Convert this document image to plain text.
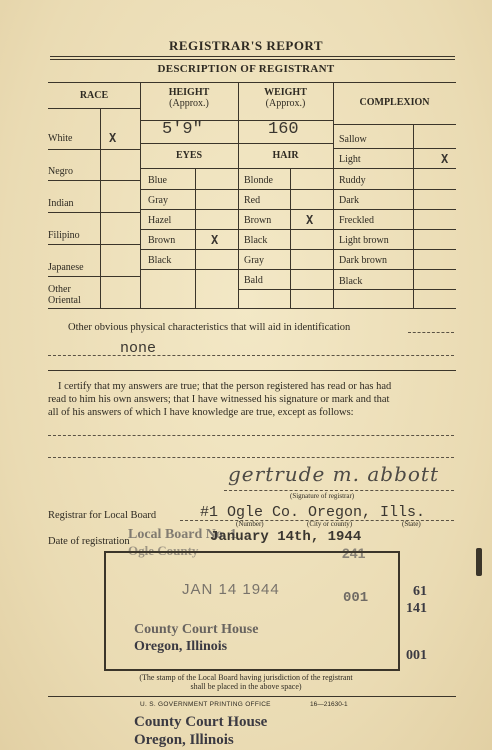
REGISTRAR'S REPORT
DESCRIPTION OF REGISTRANT
RACE	HEIGHT
(Approx.)
WEIGHT
(Approx.)	COMPLEXION
EYES	HAIR
5'9"	160
White	X
Negro
Indian
Filipino
Japanese
Other
Oriental
Blue
Gray
Hazel
Brown	X
Black
Blonde
Red
Brown	X
Black
Gray
Bald
Sallow
Light	X
Ruddy
Dark
Freckled
Light brown
Dark brown
Black
Other obvious physical characteristics that will aid in identification
none
I certify that my answers are true; that the person registered has read or has had
read to him his own answers; that I have witnessed his signature or mark and that
all of his answers of which I have knowledge are true, except as follows:
gertrude m. abbott
(Signature of registrar)
Registrar for Local Board	#1 Ogle Co. Oregon, Ills.
(Number)	(City or county)	(State)
Date of registration	January 14th, 1944
Local Board No. 1
Ogle County	241
JAN 14 1944	001
County Court House
Oregon, Illinois
61
141
001
(The stamp of the Local Board having jurisdiction of the registrant
shall be placed in the above space)
U. S. GOVERNMENT PRINTING OFFICE	16—21630-1
County Court House
Oregon, Illinois
